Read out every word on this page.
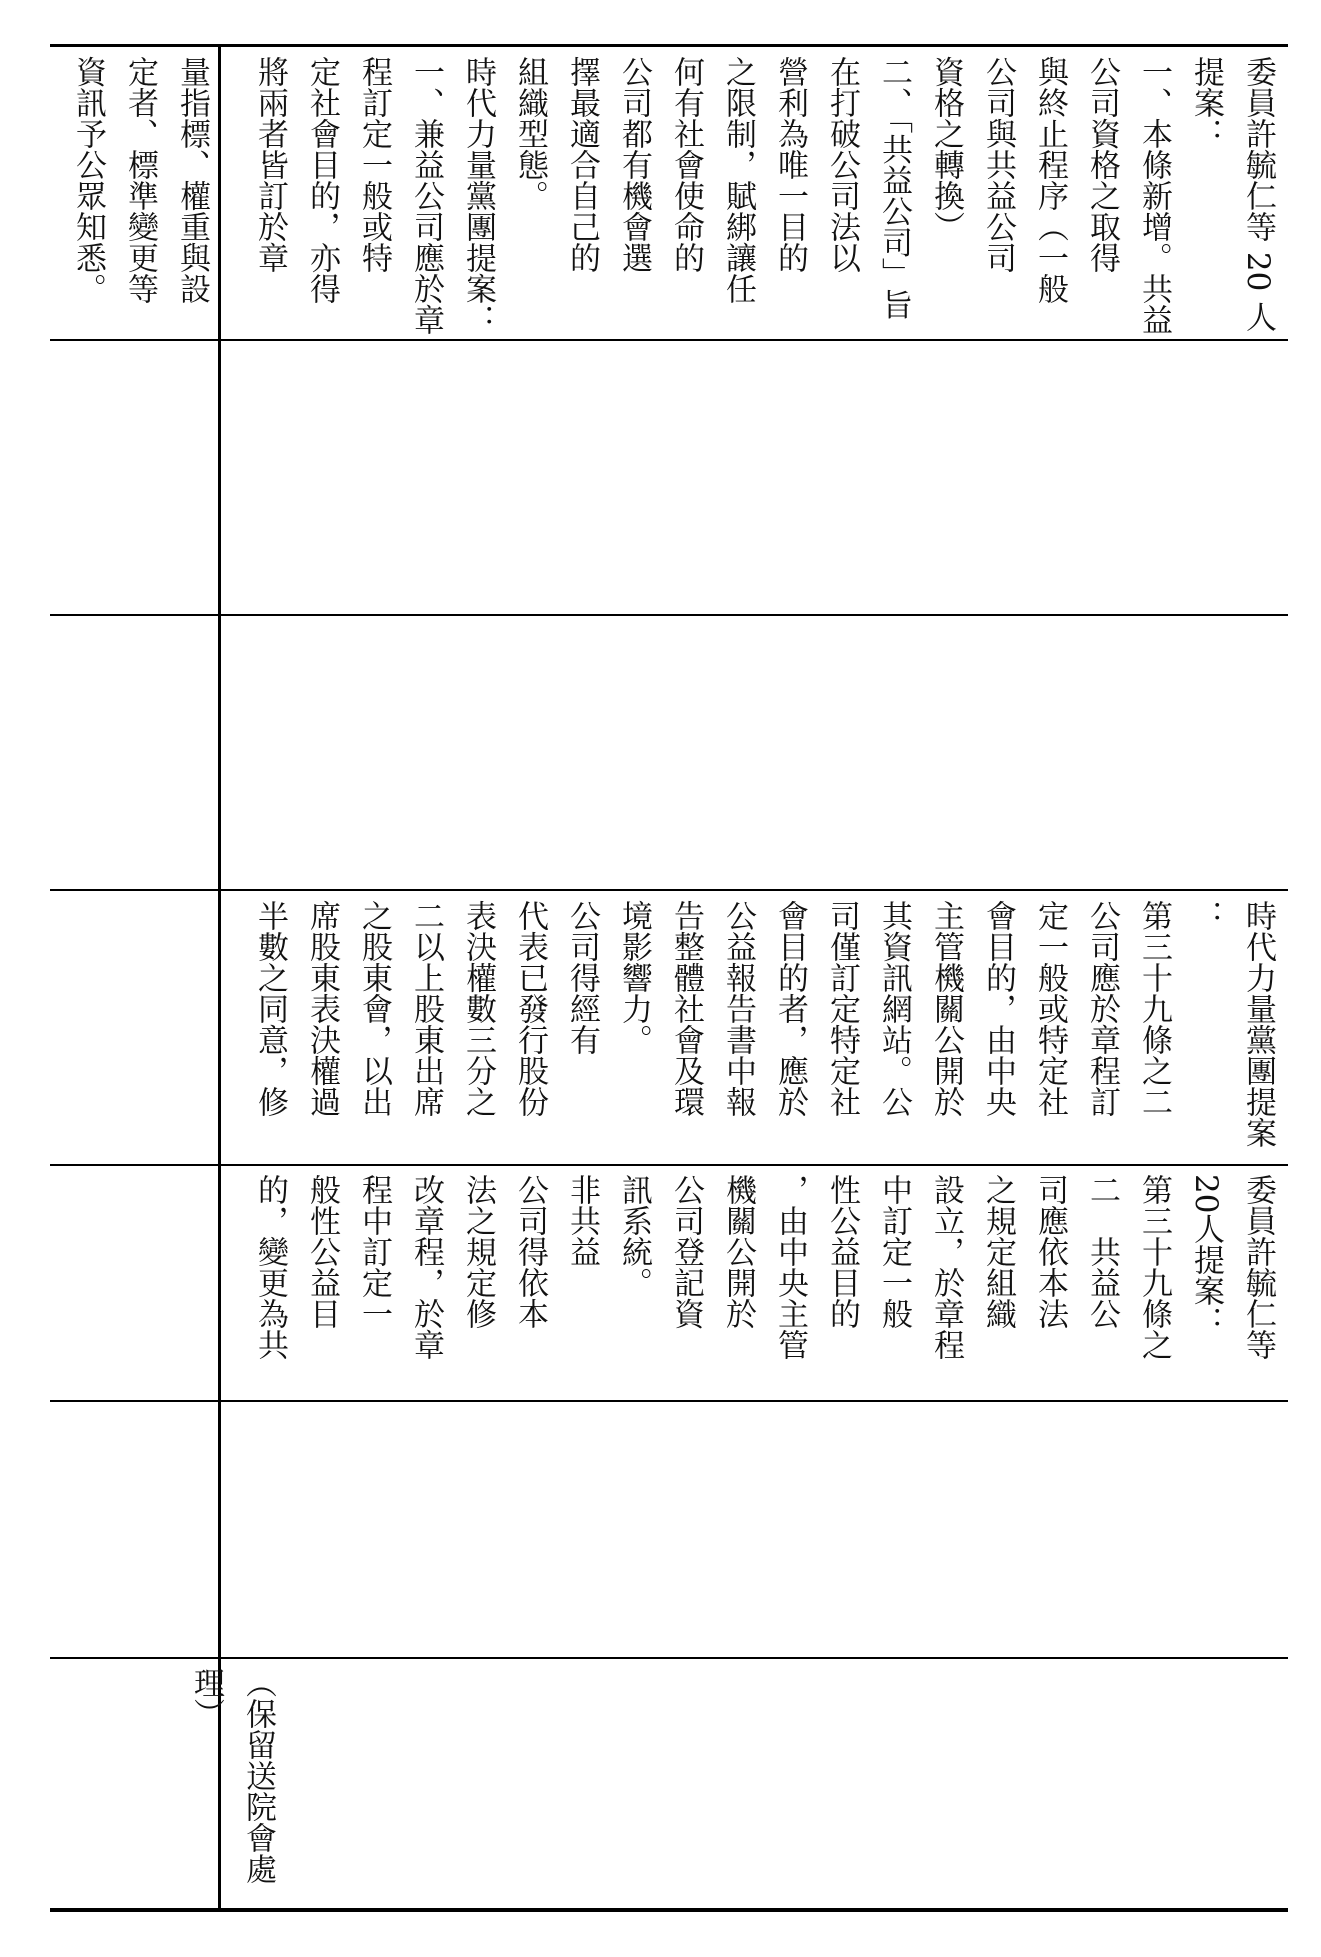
量指標、權重與設
定者、標準變更等
資訊予公眾知悉。	委員許毓仁等 20 人
提案：
一、本條新增。共益
公司資格之取得
與終止程序（一般
公司與共益公司
資格之轉換）
二、「共益公司」旨
在打破公司法以
營利為唯一目的
之限制，賦綁讓任
何有社會使命的
公司都有機會選
擇最適合自己的
組織型態。
時代力量黨團提案：
一、兼益公司應於章
程訂定一般或特
定社會目的，亦得
將兩者皆訂於章
時代力量黨團提案
：
第三十九條之二
公司應於章程訂
定一般或特定社
會目的，由中央
主管機關公開於
其資訊網站。公
司僅訂定特定社
會目的者，應於
公益報告書中報
告整體社會及環
境影響力。
公司得經有
代表已發行股份
表決權數三分之
二以上股東出席
之股東會，以出
席股東表決權過
半數之同意，修
委員許毓仁等
20人提案：
第三十九條之
二　共益公
司應依本法
之規定組織
設立，於章程
中訂定一般
性公益目的
，由中央主管
機關公開於
公司登記資
訊系統。
非共益
公司得依本
法之規定修
改章程，於章
程中訂定一
般性公益目
的，變更為共
（保留送院會處理）
